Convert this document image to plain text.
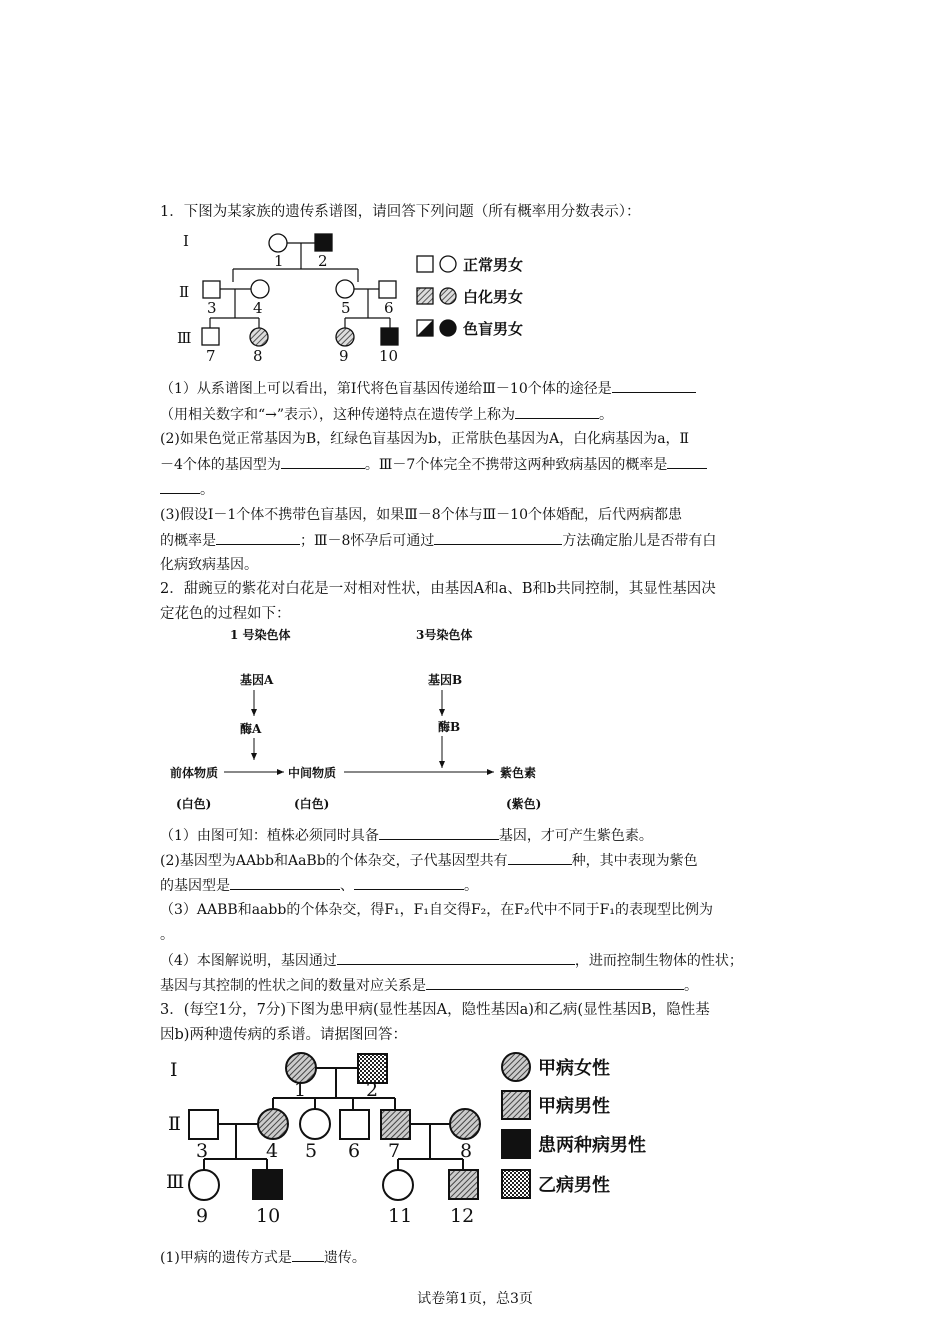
1．下图为某家族的遗传系谱图，请回答下列问题（所有概率用分数表示）：
Ⅰ
Ⅱ
Ⅲ
1 2
3 4	5 6
7 8	9 10
正常男女
白化男女
色盲男女
（1）从系谱图上可以看出，第Ⅰ代将色盲基因传递给Ⅲ－10个体的途径是
（用相关数字和“→”表示），这种传递特点在遗传学上称为	。
(2)如果色觉正常基因为B，红绿色盲基因为b，正常肤色基因为A，白化病基因为a，Ⅱ
－4个体的基因型为	。Ⅲ－7个体完全不携带这两种致病基因的概率是
。
(3)假设Ⅰ－1个体不携带色盲基因，如果Ⅲ－8个体与Ⅲ－10个体婚配，后代两病都患
的概率是	；Ⅲ－8怀孕后可通过	方法确定胎儿是否带有白
化病致病基因。
2．甜豌豆的紫花对白花是一对相对性状，由基因A和a、B和b共同控制，其显性基因决
定花色的过程如下：
1 号染色体	3号染色体
基因A
酶A
基因B
酶B
前体物质	中间物质	紫色素
(白色)	(白色)	(紫色)
（1）由图可知：植株必须同时具备	基因，才可产生紫色素。
(2)基因型为AAbb和AaBb的个体杂交，子代基因型共有	种，其中表现为紫色
的基因型是	、	。
（3）AABB和aabb的个体杂交，得F₁，F₁自交得F₂，在F₂代中不同于F₁的表现型比例为
。
（4）本图解说明，基因通过	，进而控制生物体的性状；
基因与其控制的性状之间的数量对应关系是	。
3．(每空1分，7分)下图为患甲病(显性基因A，隐性基因a)和乙病(显性基因B，隐性基
因b)两种遗传病的系谱。请据图回答：
Ⅰ
Ⅱ
Ⅲ
1	2
3	4 5 6 7	8
9	10	11 12
甲病女性
甲病男性
患两种病男性
乙病男性
(1)甲病的遗传方式是 遗传。
试卷第1页，总3页
